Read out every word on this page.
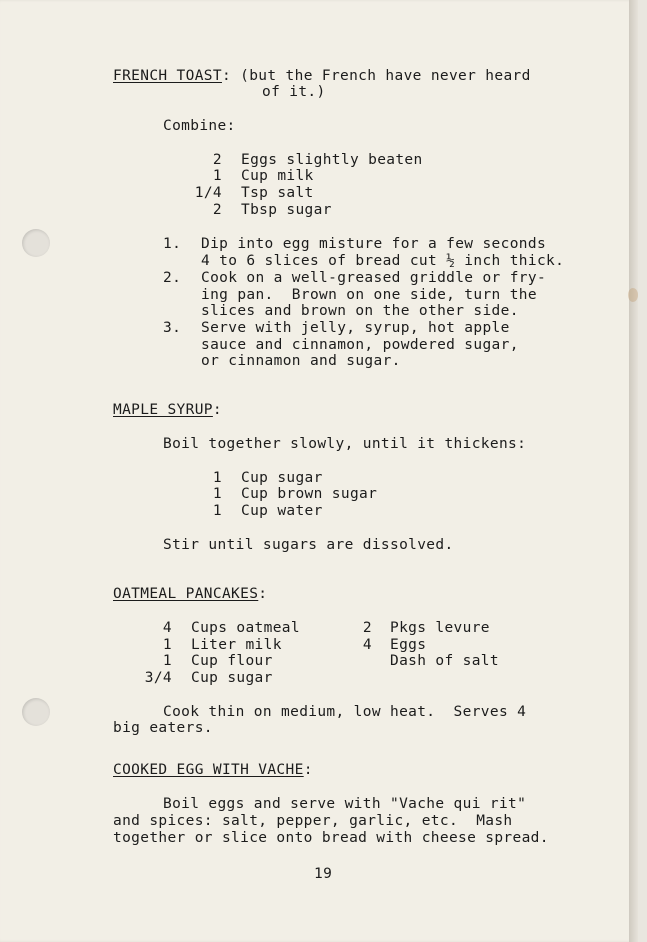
FRENCH TOAST: (but the French have never heard
of it.)
Combine:
2 Eggs slightly beaten
1 Cup milk
1/4 Tsp salt
2 Tbsp sugar
1. Dip into egg misture for a few seconds
4 to 6 slices of bread cut ½ inch thick.
2. Cook on a well-greased griddle or fry-
ing pan.  Brown on one side, turn the
slices and brown on the other side.
3. Serve with jelly, syrup, hot apple
sauce and cinnamon, powdered sugar,
or cinnamon and sugar.
MAPLE SYRUP:
Boil together slowly, until it thickens:
1 Cup sugar
1 Cup brown sugar
1 Cup water
Stir until sugars are dissolved.
OATMEAL PANCAKES:
4 Cups oatmeal
1 Liter milk
1 Cup flour
3/4 Cup sugar
2 Pkgs levure
4 Eggs
Dash of salt
Cook thin on medium, low heat.  Serves 4
big eaters.
COOKED EGG WITH VACHE:
Boil eggs and serve with "Vache qui rit"
and spices: salt, pepper, garlic, etc.  Mash
together or slice onto bread with cheese spread.
19
